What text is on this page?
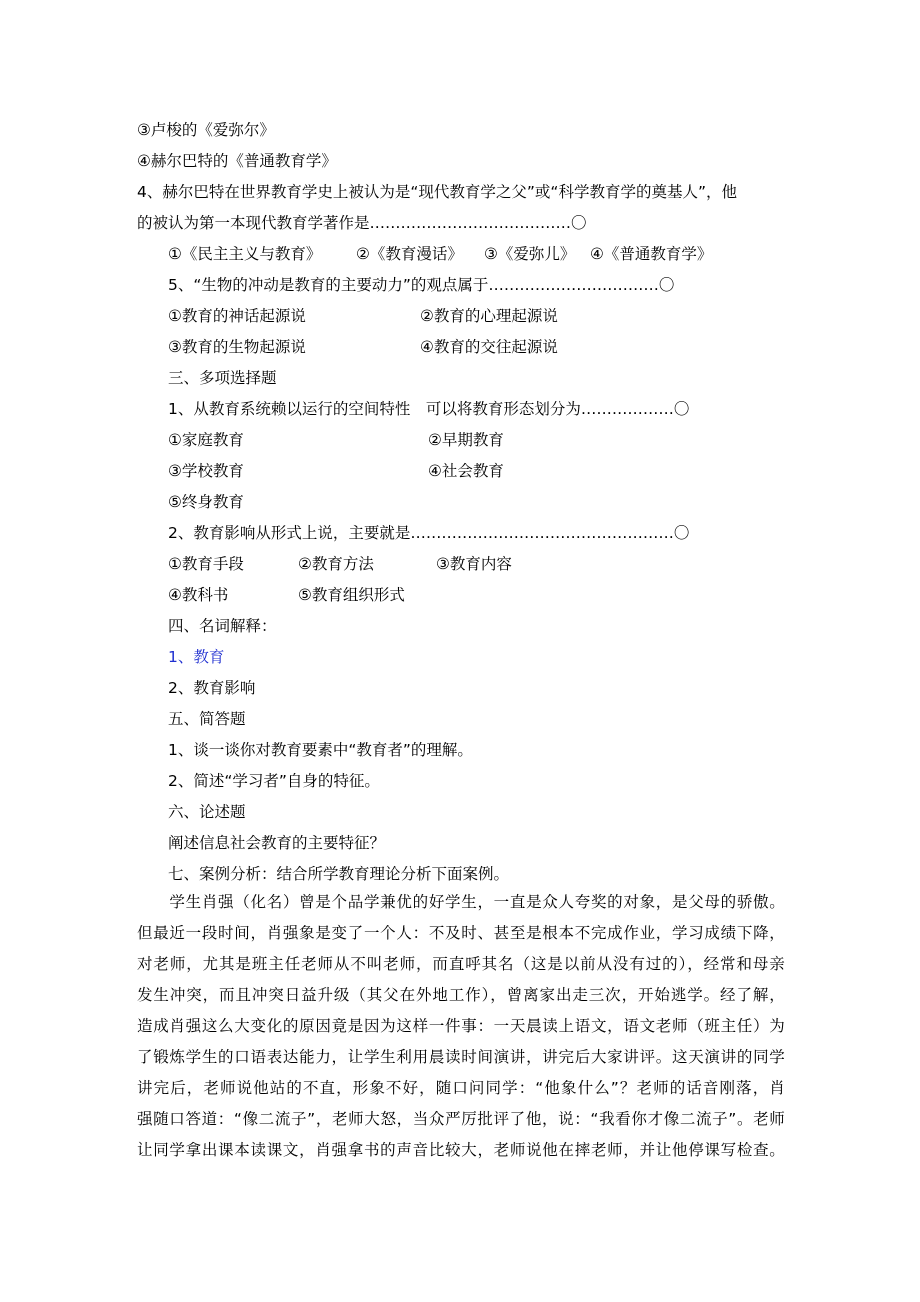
③卢梭的《爱弥尔》
④赫尔巴特的《普通教育学》
4、赫尔巴特在世界教育学史上被认为是“现代教育学之父”或“科学教育学的奠基人”，他
的被认为第一本现代教育学著作是…………………………………〇
①《民主主义与教育》 ②《教育漫话》 ③《爱弥儿》 ④《普通教育学》
5、“生物的冲动是教育的主要动力”的观点属于……………………………〇
①教育的神话起源说	②教育的心理起源说
③教育的生物起源说	④教育的交往起源说
三、多项选择题
1、从教育系统赖以运行的空间特性　可以将教育形态划分为………………〇
①家庭教育	②早期教育
③学校教育	④社会教育
⑤终身教育
2、教育影响从形式上说，主要就是……………………………………………〇
①教育手段	②教育方法	③教育内容
④教科书	⑤教育组织形式
四、名词解释：
1、教育
2、教育影响
五、简答题
1、谈一谈你对教育要素中“教育者”的理解。
2、简述“学习者”自身的特征。
六、论述题
阐述信息社会教育的主要特征？
七、案例分析：结合所学教育理论分析下面案例。
　　学生肖强（化名）曾是个品学兼优的好学生，一直是众人夸奖的对象，是父母的骄傲。
但最近一段时间，肖强象是变了一个人：不及时、甚至是根本不完成作业，学习成绩下降，
对老师，尤其是班主任老师从不叫老师，而直呼其名（这是以前从没有过的），经常和母亲
发生冲突，而且冲突日益升级（其父在外地工作），曾离家出走三次，开始逃学。经了解，
造成肖强这么大变化的原因竟是因为这样一件事：一天晨读上语文，语文老师（班主任）为
了锻炼学生的口语表达能力，让学生利用晨读时间演讲，讲完后大家讲评。这天演讲的同学
讲完后，老师说他站的不直，形象不好，随口问同学：“他象什么”？老师的话音刚落，肖
强随口答道：“像二流子”，老师大怒，当众严厉批评了他，说：“我看你才像二流子”。老师
让同学拿出课本读课文，肖强拿书的声音比较大，老师说他在摔老师，并让他停课写检查。
